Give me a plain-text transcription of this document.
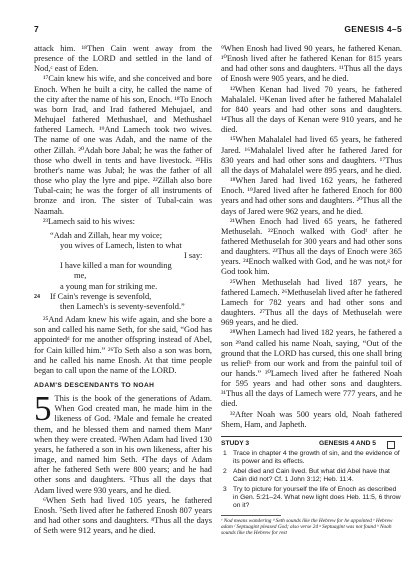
7	GENESIS 4–5

attack him. ¹⁸Then Cain went away from the presence of the LORD and settled in the land of Nod,ᶜ east of Eden.

¹⁷Cain knew his wife, and she conceived and bore Enoch. When he built a city, he called the name of the city after the name of his son, Enoch. ¹⁸To Enoch was born Irad, and Irad fathered Mehujael, and Mehujael fathered Methushael, and Methushael fathered Lamech. ¹⁹And Lamech took two wives. The name of one was Adah, and the name of the other Zillah. ²⁰Adah bore Jabal; he was the father of those who dwell in tents and have livestock. ²¹His brother's name was Jubal; he was the father of all those who play the lyre and pipe. ²²Zillah also bore Tubal-cain; he was the forger of all instruments of bronze and iron. The sister of Tubal-cain was Naamah.

²³Lamech said to his wives:

“Adah and Zillah, hear my voice;
you wives of Lamech, listen to what
I say:
I have killed a man for wounding
me,
a young man for striking me.
24 If Cain's revenge is sevenfold,
then Lamech's is seventy-sevenfold.”

²⁵And Adam knew his wife again, and she bore a son and called his name Seth, for she said, “God has appointedᵈ for me another offspring instead of Abel, for Cain killed him.” ²⁶To Seth also a son was born, and he called his name Enosh. At that time people began to call upon the name of the LORD.

ADAM'S DESCENDANTS TO NOAH

5 This is the book of the generations of Adam. When God created man, he made him in the likeness of God. ²Male and female he created them, and he blessed them and named them Manᵉ when they were created. ³When Adam had lived 130 years, he fathered a son in his own likeness, after his image, and named him Seth. ⁴The days of Adam after he fathered Seth were 800 years; and he had other sons and daughters. ⁵Thus all the days that Adam lived were 930 years, and he died.

⁶When Seth had lived 105 years, he fathered Enosh. ⁷Seth lived after he fathered Enosh 807 years and had other sons and daughters. ⁸Thus all the days of Seth were 912 years, and he died.

⁹When Enosh had lived 90 years, he fathered Kenan. ¹⁰Enosh lived after he fathered Kenan for 815 years and had other sons and daughters. ¹¹Thus all the days of Enosh were 905 years, and he died.

¹²When Kenan had lived 70 years, he fathered Mahalalel. ¹³Kenan lived after he fathered Mahalalel for 840 years and had other sons and daughters. ¹⁴Thus all the days of Kenan were 910 years, and he died.

¹⁵When Mahalalel had lived 65 years, he fathered Jared. ¹⁶Mahalalel lived after he fathered Jared for 830 years and had other sons and daughters. ¹⁷Thus all the days of Mahalalel were 895 years, and he died.

¹⁸When Jared had lived 162 years, he fathered Enoch. ¹⁹Jared lived after he fathered Enoch for 800 years and had other sons and daughters. ²⁰Thus all the days of Jared were 962 years, and he died.

²¹When Enoch had lived 65 years, he fathered Methuselah. ²²Enoch walked with Godᶠ after he fathered Methuselah for 300 years and had other sons and daughters. ²³Thus all the days of Enoch were 365 years. ²⁴Enoch walked with God, and he was not,ᵍ for God took him.

²⁵When Methuselah had lived 187 years, he fathered Lamech. ²⁶Methuselah lived after he fathered Lamech for 782 years and had other sons and daughters. ²⁷Thus all the days of Methuselah were 969 years, and he died.

²⁸When Lamech had lived 182 years, he fathered a son ²⁹and called his name Noah, saying, “Out of the ground that the LORD has cursed, this one shall bring us reliefʰ from our work and from the painful toil of our hands.” ³⁰Lamech lived after he fathered Noah for 595 years and had other sons and daughters. ³¹Thus all the days of Lamech were 777 years, and he died.

³²After Noah was 500 years old, Noah fathered Shem, Ham, and Japheth.

STUDY 3	GENESIS 4 AND 5
1 Trace in chapter 4 the growth of sin, and the evidence of its power and its effects.
2 Abel died and Cain lived. But what did Abel have that Cain did not? Cf. 1 John 3:12; Heb. 11:4.
3 Try to picture for yourself the life of Enoch as described in Gen. 5:21–24. What new light does Heb. 11:5, 6 throw on it?
ᶜ Nod means wandering ᵈ Seth sounds like the Hebrew for he appointed ᵉ Hebrew adam ᶠ Septuagint pleased God; also verse 24 ᵍ Septuagint was not found ʰ Noah sounds like the Hebrew for rest
